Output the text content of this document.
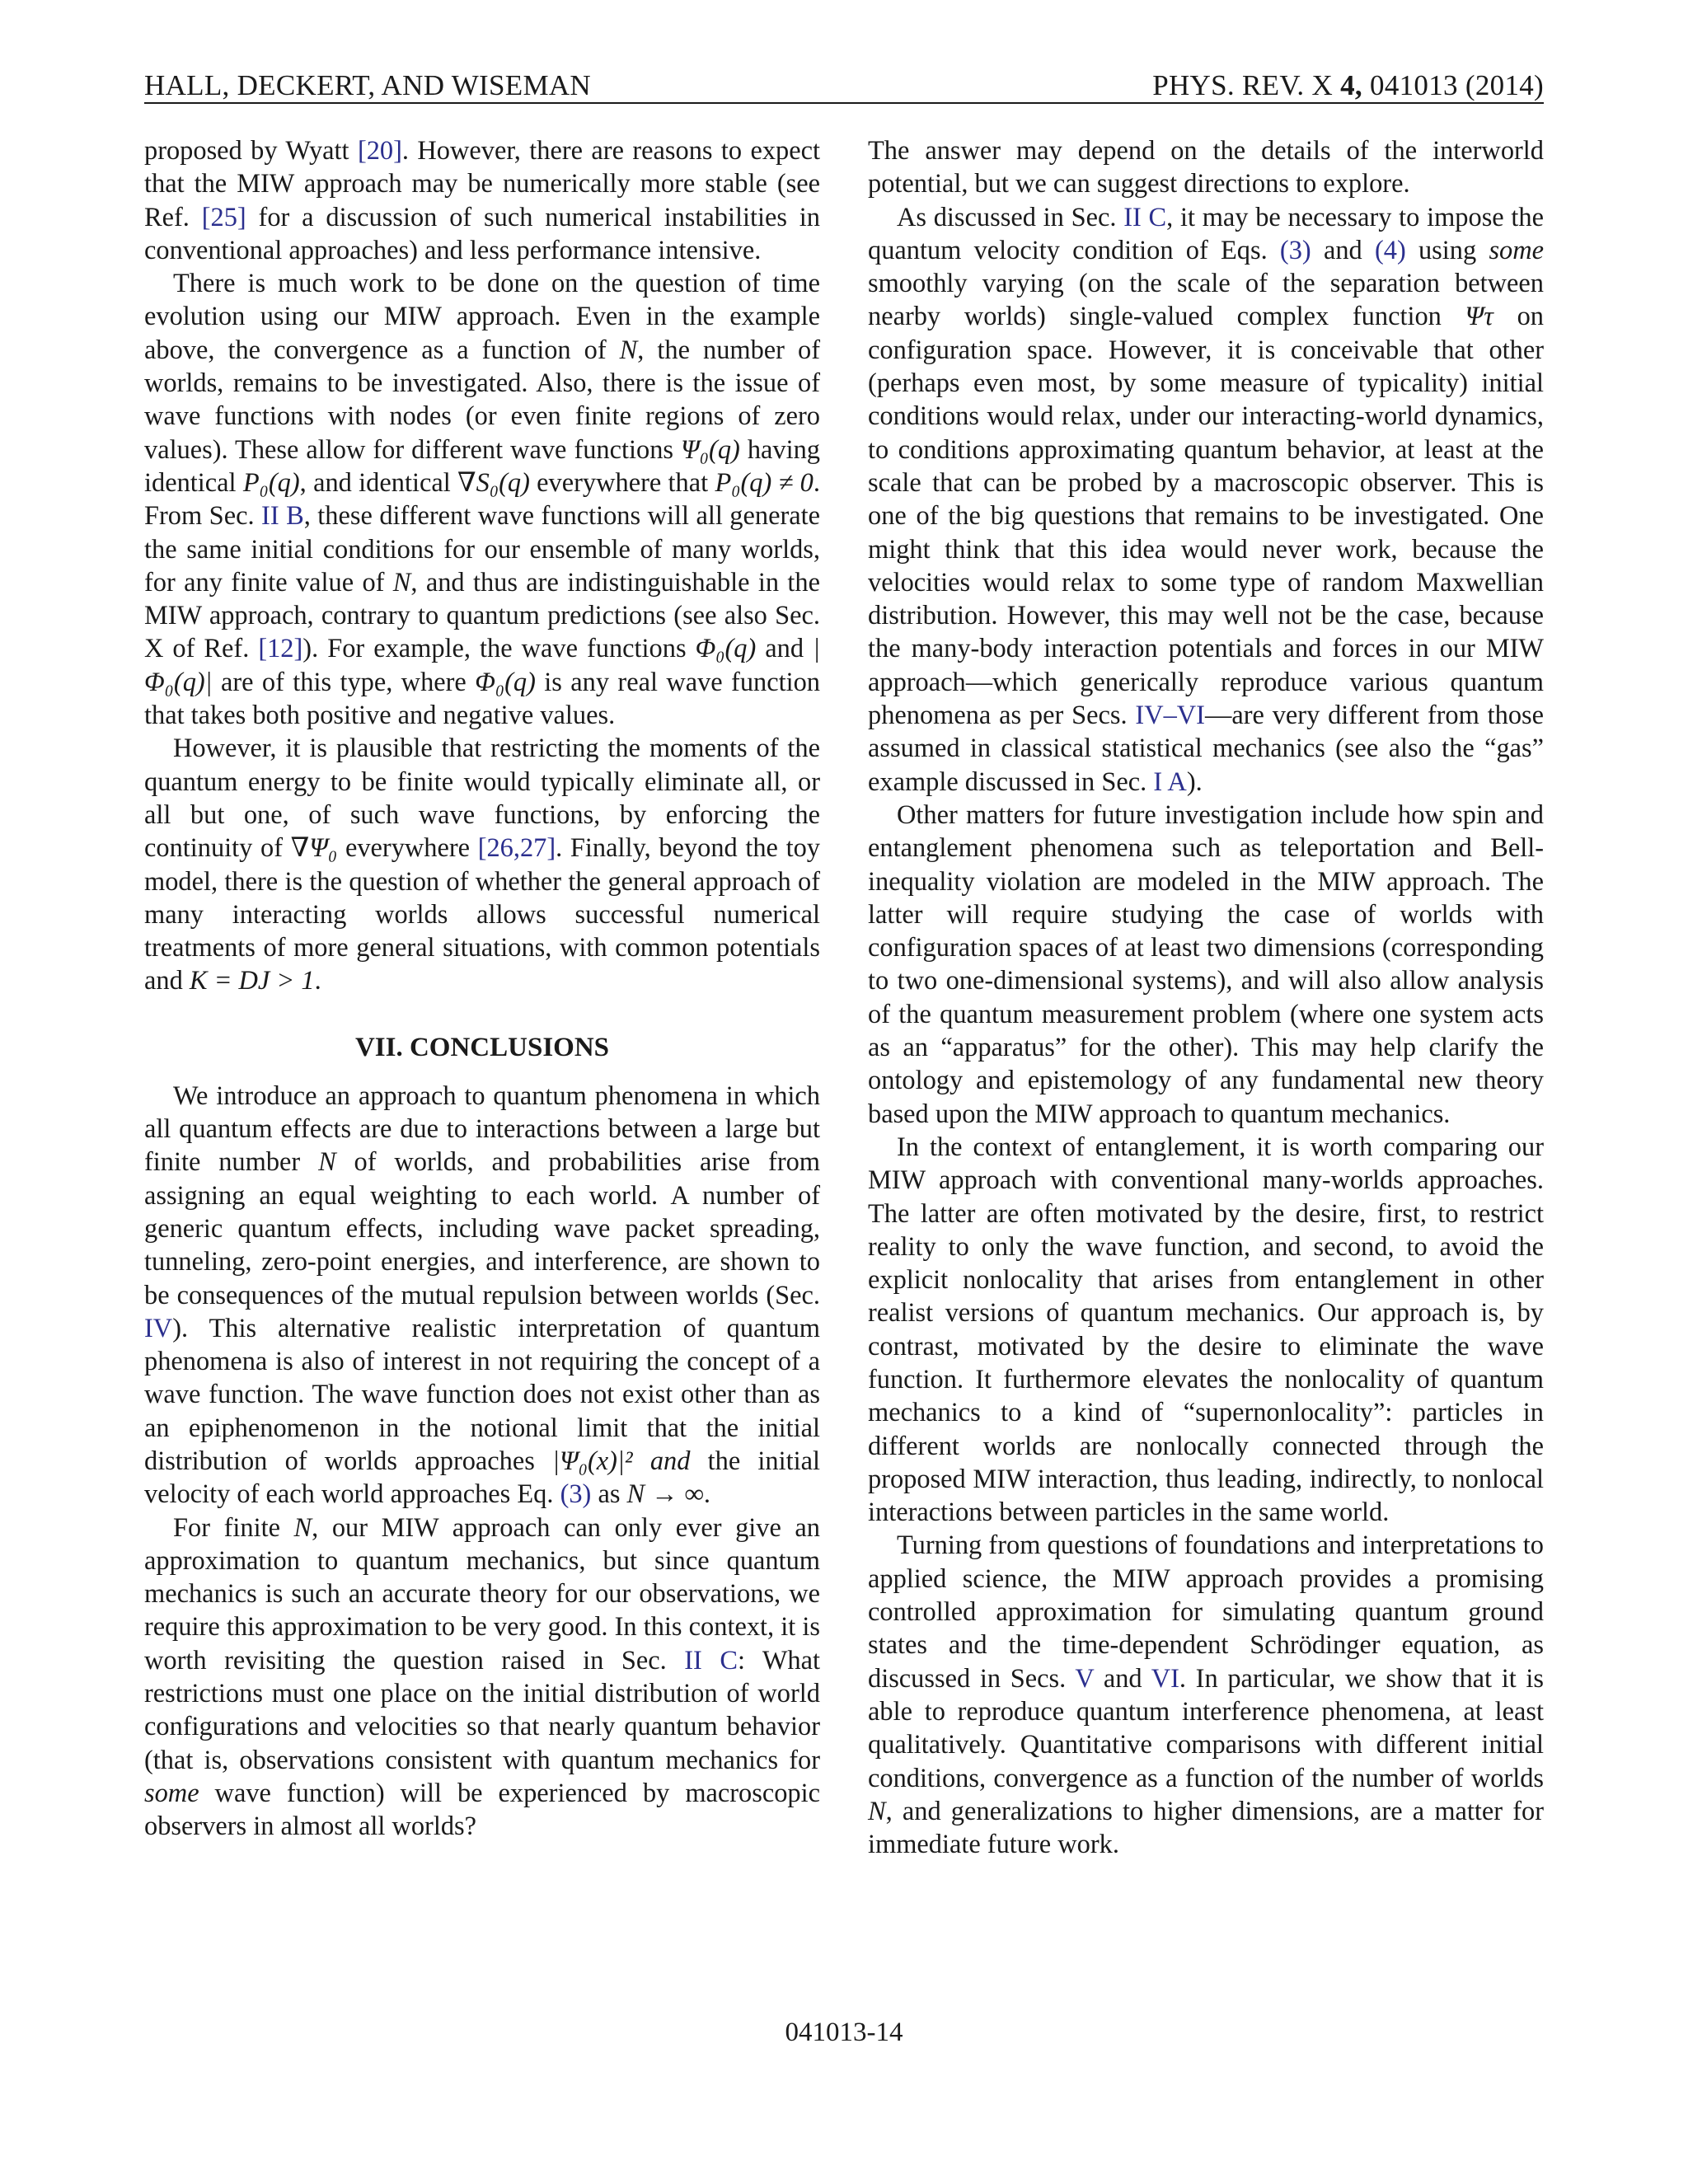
HALL, DECKERT, AND WISEMAN	PHYS. REV. X 4, 041013 (2014)

proposed by Wyatt [20]. However, there are reasons to expect that the MIW approach may be numerically more stable (see Ref. [25] for a discussion of such numerical instabilities in conventional approaches) and less performance intensive.

There is much work to be done on the question of time evolution using our MIW approach. Even in the example above, the convergence as a function of N, the number of worlds, remains to be investigated. Also, there is the issue of wave functions with nodes (or even finite regions of zero values). These allow for different wave functions Ψ₀(q) having identical P₀(q), and identical ∇S₀(q) everywhere that P₀(q) ≠ 0. From Sec. II B, these different wave functions will all generate the same initial conditions for our ensemble of many worlds, for any finite value of N, and thus are indistinguishable in the MIW approach, contrary to quantum predictions (see also Sec. X of Ref. [12]). For example, the wave functions Φ₀(q) and |Φ₀(q)| are of this type, where Φ₀(q) is any real wave function that takes both positive and negative values.

However, it is plausible that restricting the moments of the quantum energy to be finite would typically eliminate all, or all but one, of such wave functions, by enforcing the continuity of ∇Ψ₀ everywhere [26,27]. Finally, beyond the toy model, there is the question of whether the general approach of many interacting worlds allows successful numerical treatments of more general situations, with common potentials and K = DJ > 1.

VII. CONCLUSIONS

We introduce an approach to quantum phenomena in which all quantum effects are due to interactions between a large but finite number N of worlds, and probabilities arise from assigning an equal weighting to each world. A number of generic quantum effects, including wave packet spreading, tunneling, zero-point energies, and interference, are shown to be consequences of the mutual repulsion between worlds (Sec. IV). This alternative realistic interpretation of quantum phenomena is also of interest in not requiring the concept of a wave function. The wave function does not exist other than as an epiphenomenon in the notional limit that the initial distribution of worlds approaches |Ψ₀(x)|² and the initial velocity of each world approaches Eq. (3) as N → ∞.

For finite N, our MIW approach can only ever give an approximation to quantum mechanics, but since quantum mechanics is such an accurate theory for our observations, we require this approximation to be very good. In this context, it is worth revisiting the question raised in Sec. II C: What restrictions must one place on the initial distribution of world configurations and velocities so that nearly quantum behavior (that is, observations consistent with quantum mechanics for some wave function) will be experienced by macroscopic observers in almost all worlds?

The answer may depend on the details of the interworld potential, but we can suggest directions to explore.

As discussed in Sec. II C, it may be necessary to impose the quantum velocity condition of Eqs. (3) and (4) using some smoothly varying (on the scale of the separation between nearby worlds) single-valued complex function Ψτ on configuration space. However, it is conceivable that other (perhaps even most, by some measure of typicality) initial conditions would relax, under our interacting-world dynamics, to conditions approximating quantum behavior, at least at the scale that can be probed by a macroscopic observer. This is one of the big questions that remains to be investigated. One might think that this idea would never work, because the velocities would relax to some type of random Maxwellian distribution. However, this may well not be the case, because the many-body interaction potentials and forces in our MIW approach—which generically reproduce various quantum phenomena as per Secs. IV–VI—are very different from those assumed in classical statistical mechanics (see also the “gas” example discussed in Sec. I A).

Other matters for future investigation include how spin and entanglement phenomena such as teleportation and Bell-inequality violation are modeled in the MIW approach. The latter will require studying the case of worlds with configuration spaces of at least two dimensions (corresponding to two one-dimensional systems), and will also allow analysis of the quantum measurement problem (where one system acts as an “apparatus” for the other). This may help clarify the ontology and epistemology of any fundamental new theory based upon the MIW approach to quantum mechanics.

In the context of entanglement, it is worth comparing our MIW approach with conventional many-worlds approaches. The latter are often motivated by the desire, first, to restrict reality to only the wave function, and second, to avoid the explicit nonlocality that arises from entanglement in other realist versions of quantum mechanics. Our approach is, by contrast, motivated by the desire to eliminate the wave function. It furthermore elevates the nonlocality of quantum mechanics to a kind of “supernonlocality”: particles in different worlds are nonlocally connected through the proposed MIW interaction, thus leading, indirectly, to nonlocal interactions between particles in the same world.

Turning from questions of foundations and interpretations to applied science, the MIW approach provides a promising controlled approximation for simulating quantum ground states and the time-dependent Schrödinger equation, as discussed in Secs. V and VI. In particular, we show that it is able to reproduce quantum interference phenomena, at least qualitatively. Quantitative comparisons with different initial conditions, convergence as a function of the number of worlds N, and generalizations to higher dimensions, are a matter for immediate future work.

041013-14
